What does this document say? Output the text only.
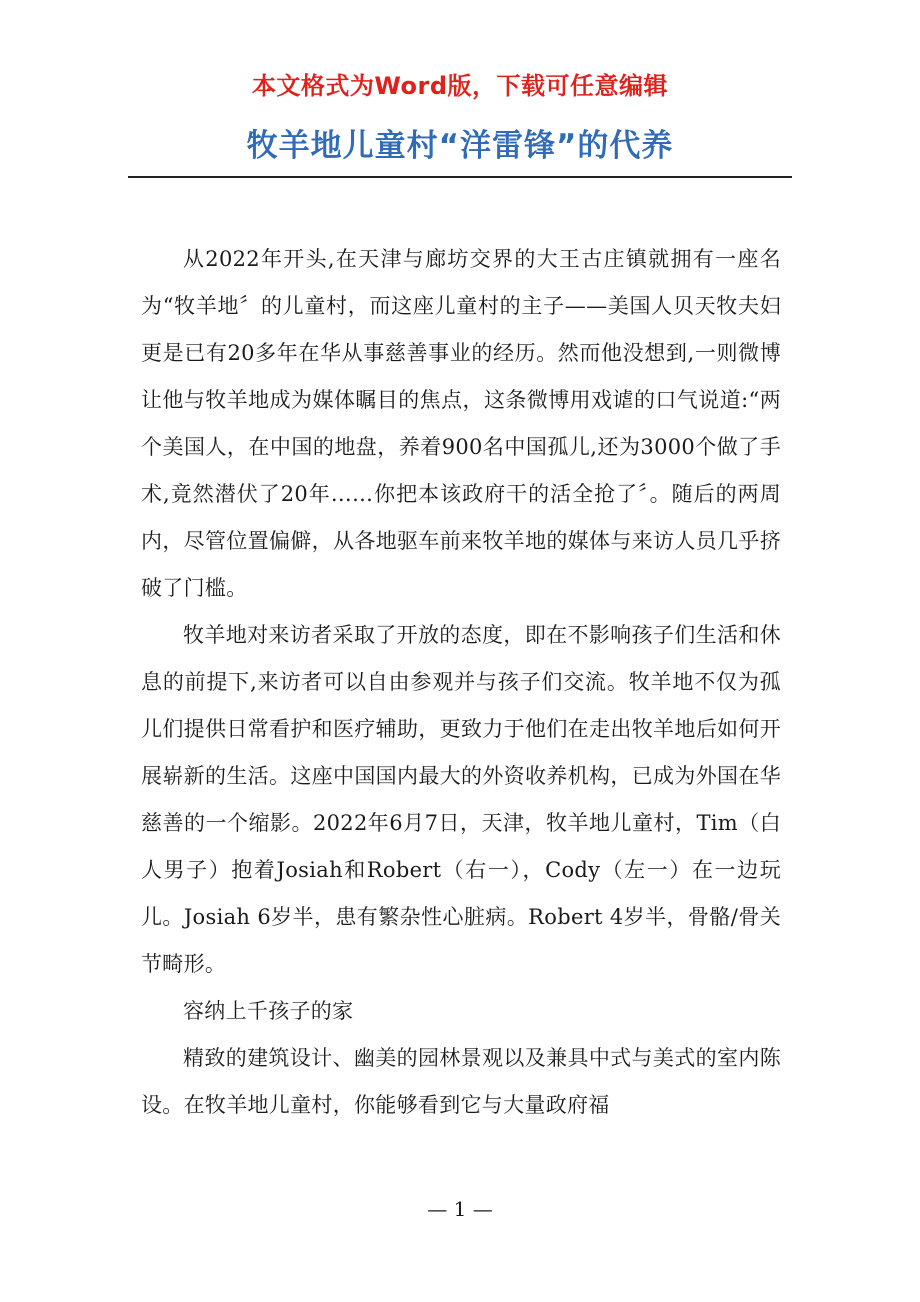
本文格式为Word版，下载可任意编辑
牧羊地儿童村“洋雷锋”的代养

从2022年开头,在天津与廊坊交界的大王古庄镇就拥有一座名为“牧羊地〞的儿童村，而这座儿童村的主子——美国人贝天牧夫妇更是已有20多年在华从事慈善事业的经历。然而他没想到,一则微博让他与牧羊地成为媒体瞩目的焦点，这条微博用戏谑的口气说道:“两个美国人，在中国的地盘，养着900名中国孤儿,还为3000个做了手术,竟然潜伏了20年……你把本该政府干的活全抢了〞。随后的两周内，尽管位置偏僻，从各地驱车前来牧羊地的媒体与来访人员几乎挤破了门槛。

牧羊地对来访者采取了开放的态度，即在不影响孩子们生活和休息的前提下,来访者可以自由参观并与孩子们交流。牧羊地不仅为孤儿们提供日常看护和医疗辅助，更致力于他们在走出牧羊地后如何开展崭新的生活。这座中国国内最大的外资收养机构，已成为外国在华慈善的一个缩影。2022年6月7日，天津，牧羊地儿童村，Tim（白人男子）抱着Josiah和Robert（右一），Cody（左一）在一边玩儿。Josiah 6岁半，患有繁杂性心脏病。Robert 4岁半，骨骼/骨关节畸形。

容纳上千孩子的家

精致的建筑设计、幽美的园林景观以及兼具中式与美式的室内陈设。在牧羊地儿童村，你能够看到它与大量政府福

— 1 —
